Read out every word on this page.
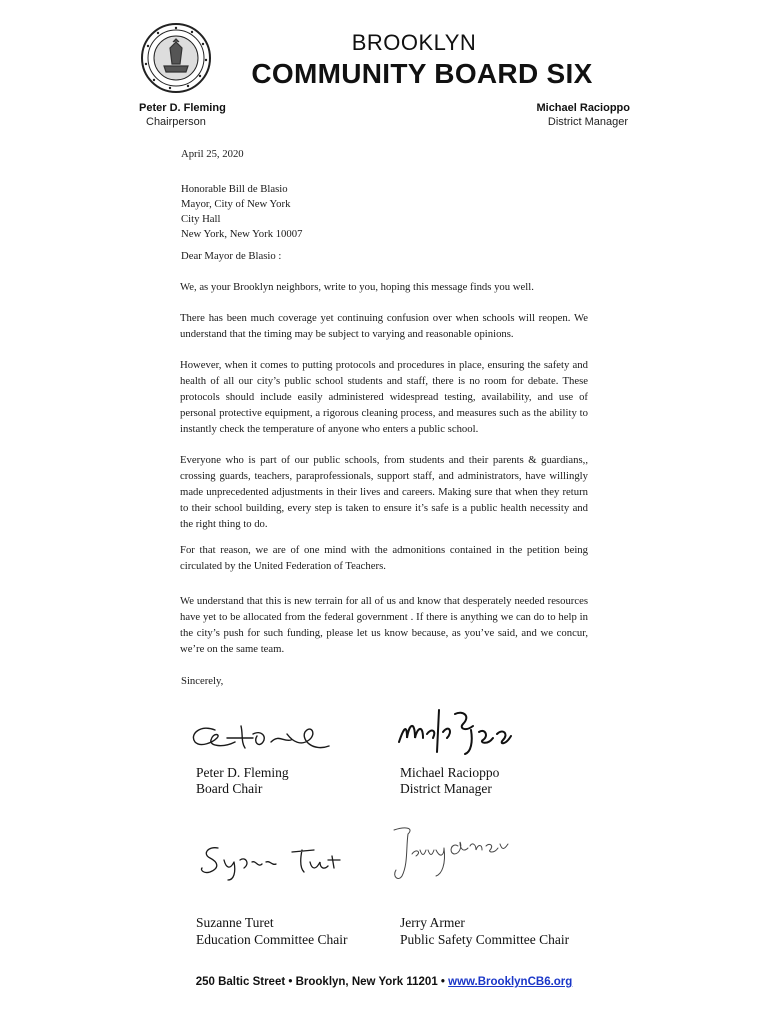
BROOKLYN
COMMUNITY BOARD SIX
Peter D. Fleming
Chairperson
Michael Racioppo
District Manager
April 25, 2020
Honorable Bill de Blasio
Mayor, City of New York
City Hall
New York, New York 10007
Dear Mayor de Blasio :
We, as your Brooklyn neighbors, write to you, hoping this message finds you well.
There has been much coverage yet continuing confusion over when schools will reopen. We understand that the timing may be subject to varying and reasonable opinions.
However, when it comes to putting protocols and procedures in place, ensuring the safety and health of all our city’s public school students and staff, there is no room for debate. These protocols should include easily administered widespread testing, availability, and use of personal protective equipment, a rigorous cleaning process, and measures such as the ability to instantly check the temperature of anyone who enters a public school.
Everyone who is part of our public schools, from students and their parents & guardians,, crossing guards, teachers, paraprofessionals, support staff, and administrators, have willingly made unprecedented adjustments in their lives and careers. Making sure that when they return to their school building, every step is taken to ensure it’s safe is a public health necessity and the right thing to do.
For that reason, we are of one mind with the admonitions contained in the petition being circulated by the United Federation of Teachers.
We understand that this is new terrain for all of us and know that desperately needed resources have yet to be allocated from the federal government . If there is anything we can do to help in the city’s push for such funding, please let us know because, as you’ve said, and we concur, we’re on the same team.
Sincerely,
Peter D. Fleming
Board Chair
Michael Racioppo
District Manager
Suzanne Turet
Education Committee Chair
Jerry Armer
Public Safety Committee Chair
250 Baltic Street • Brooklyn, New York 11201 • www.BrooklynCB6.org
